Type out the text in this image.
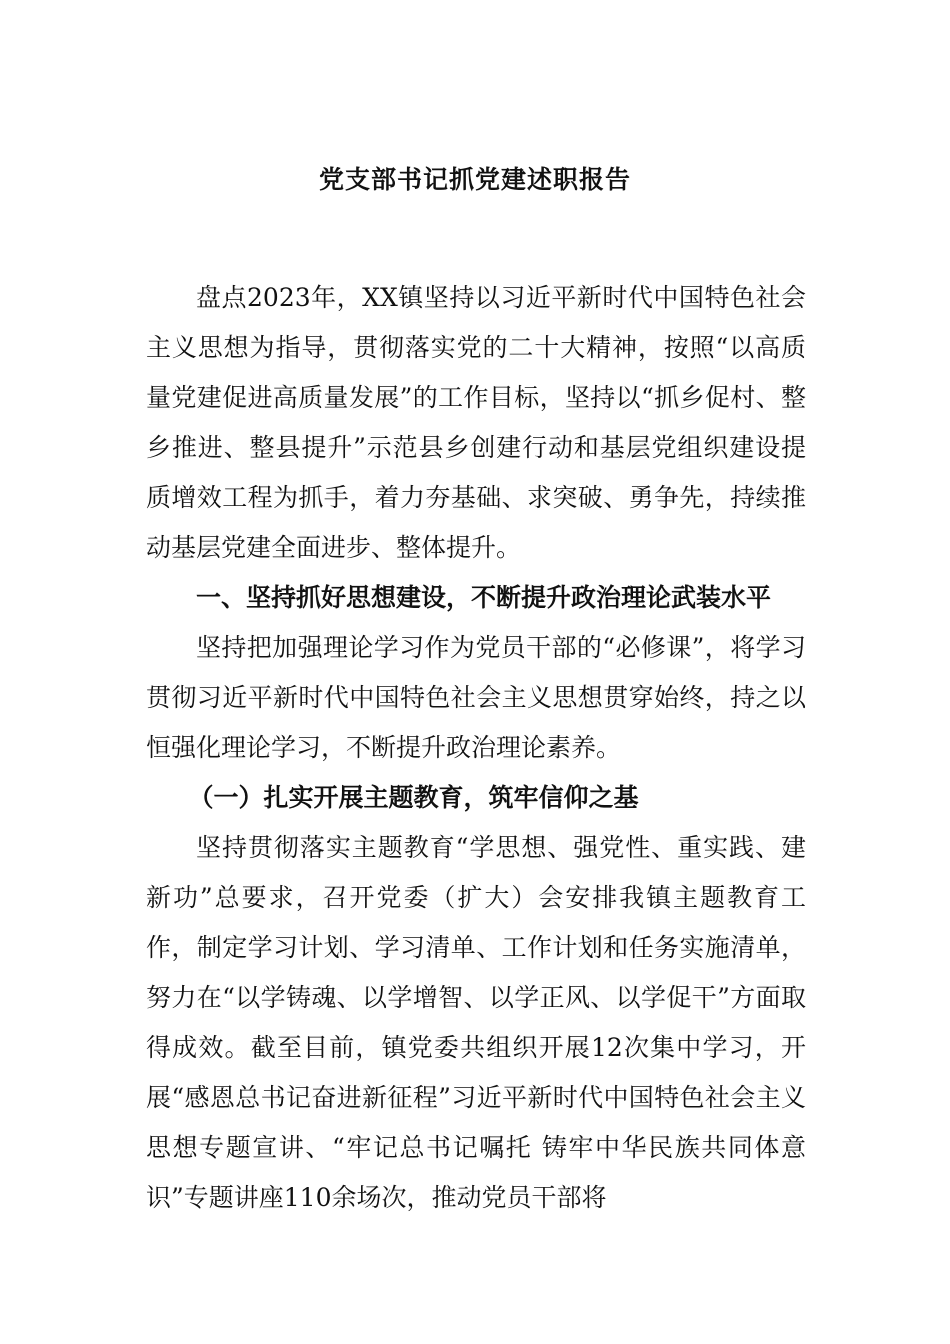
党支部书记抓党建述职报告

盘点2023年，XX镇坚持以习近平新时代中国特色社会主义思想为指导，贯彻落实党的二十大精神，按照“以高质量党建促进高质量发展”的工作目标，坚持以“抓乡促村、整乡推进、整县提升”示范县乡创建行动和基层党组织建设提质增效工程为抓手，着力夯基础、求突破、勇争先，持续推动基层党建全面进步、整体提升。

一、坚持抓好思想建设，不断提升政治理论武装水平

坚持把加强理论学习作为党员干部的“必修课”，将学习贯彻习近平新时代中国特色社会主义思想贯穿始终，持之以恒强化理论学习，不断提升政治理论素养。

（一）扎实开展主题教育，筑牢信仰之基

坚持贯彻落实主题教育“学思想、强党性、重实践、建新功”总要求，召开党委（扩大）会安排我镇主题教育工作，制定学习计划、学习清单、工作计划和任务实施清单，努力在“以学铸魂、以学增智、以学正风、以学促干”方面取得成效。截至目前，镇党委共组织开展12次集中学习，开展“感恩总书记奋进新征程”习近平新时代中国特色社会主义思想专题宣讲、“牢记总书记嘱托 铸牢中华民族共同体意识”专题讲座110余场次，推动党员干部将
